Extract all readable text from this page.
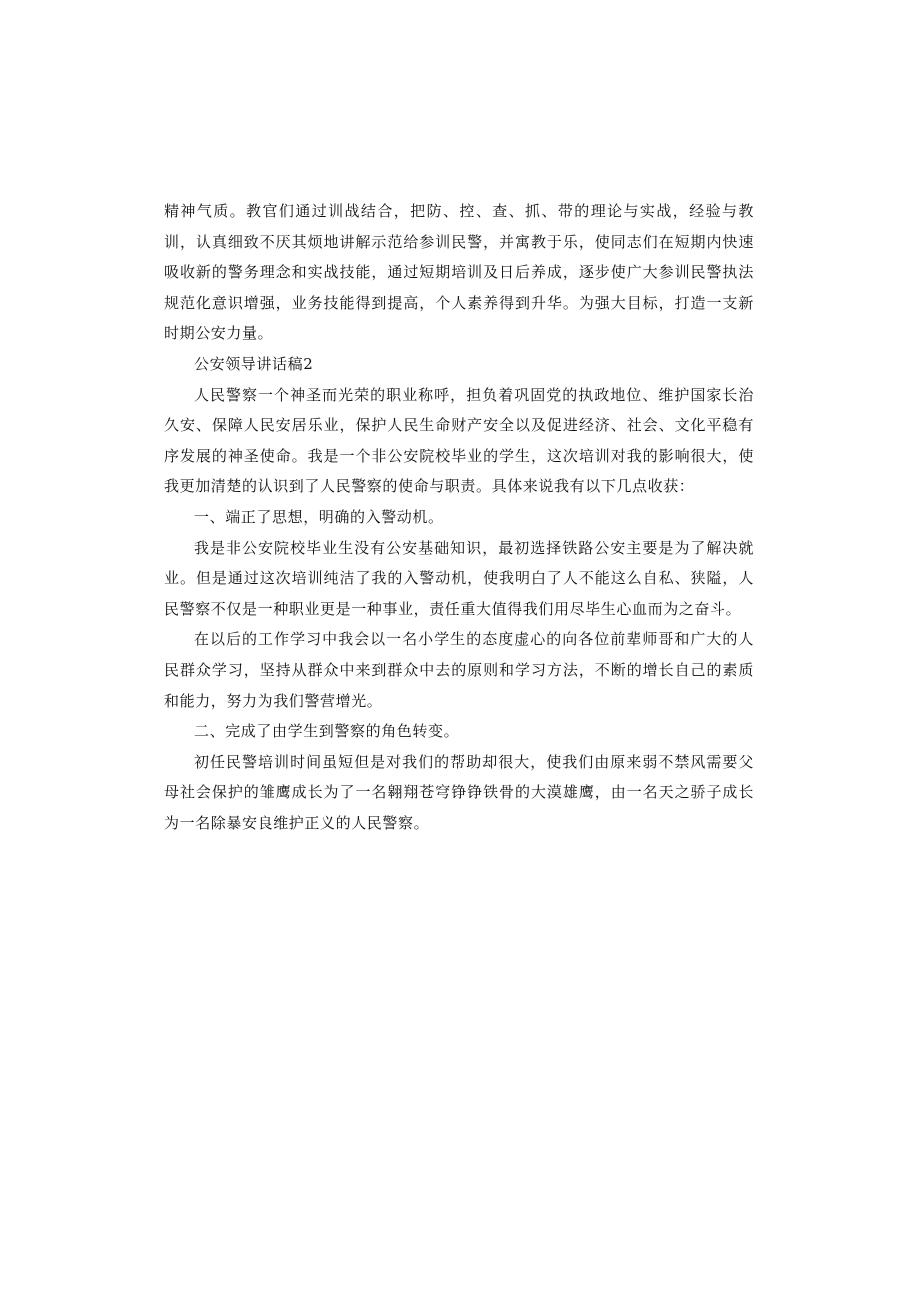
精神气质。教官们通过训战结合，把防、控、查、抓、带的理论与实战，经验与教训，认真细致不厌其烦地讲解示范给参训民警，并寓教于乐，使同志们在短期内快速吸收新的警务理念和实战技能，通过短期培训及日后养成，逐步使广大参训民警执法规范化意识增强，业务技能得到提高，个人素养得到升华。为强大目标，打造一支新时期公安力量。

公安领导讲话稿2

人民警察一个神圣而光荣的职业称呼，担负着巩固党的执政地位、维护国家长治久安、保障人民安居乐业，保护人民生命财产安全以及促进经济、社会、文化平稳有序发展的神圣使命。我是一个非公安院校毕业的学生，这次培训对我的影响很大，使我更加清楚的认识到了人民警察的使命与职责。具体来说我有以下几点收获：

一、端正了思想，明确的入警动机。

我是非公安院校毕业生没有公安基础知识，最初选择铁路公安主要是为了解决就业。但是通过这次培训纯洁了我的入警动机，使我明白了人不能这么自私、狭隘，人民警察不仅是一种职业更是一种事业，责任重大值得我们用尽毕生心血而为之奋斗。

在以后的工作学习中我会以一名小学生的态度虚心的向各位前辈师哥和广大的人民群众学习，坚持从群众中来到群众中去的原则和学习方法，不断的增长自己的素质和能力，努力为我们警营增光。

二、完成了由学生到警察的角色转变。

初任民警培训时间虽短但是对我们的帮助却很大，使我们由原来弱不禁风需要父母社会保护的雏鹰成长为了一名翱翔苍穹铮铮铁骨的大漠雄鹰，由一名天之骄子成长为一名除暴安良维护正义的人民警察。
